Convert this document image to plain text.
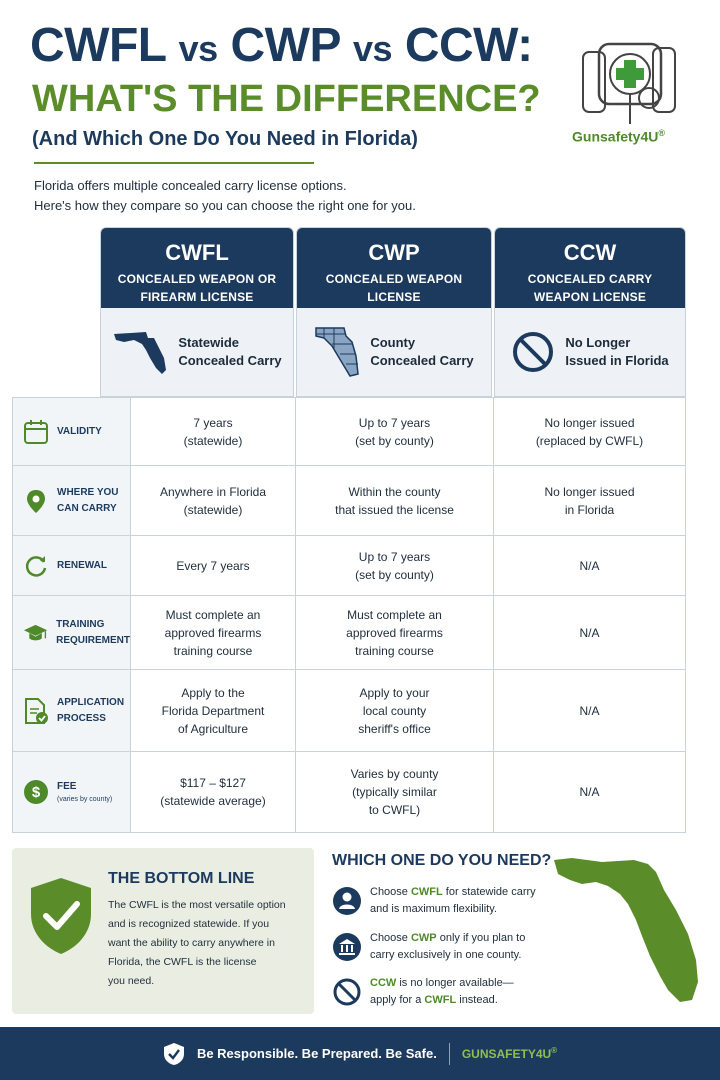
CWFL vs CWP vs CCW:
WHAT'S THE DIFFERENCE?
(And Which One Do You Need in Florida)	Gunsafety4U®
Florida offers multiple concealed carry license options.
Here's how they compare so you can choose the right one for you.
CWFL
CONCEALED WEAPON OR
FIREARM LICENSE
Statewide
Concealed Carry
CWP
CONCEALED WEAPON
LICENSE
County
Concealed Carry
CCW
CONCEALED CARRY
WEAPON LICENSE
No Longer
Issued in Florida
VALIDITY
7 years
(statewide)
Up to 7 years
(set by county)
No longer issued
(replaced by CWFL)
WHERE YOU
CAN CARRY
Anywhere in Florida
(statewide)
Within the county
that issued the license
No longer issued
in Florida
RENEWAL	Every 7 years
Up to 7 years
(set by county)
N/A
TRAINING
REQUIREMENT
Must complete an
approved firearms
training course
Must complete an
approved firearms
training course
N/A
APPLICATION
PROCESS
Apply to the
Florida Department
of Agriculture
Apply to your
local county
sheriff's office
N/A
$ FEE
(varies by county)
$117 – $127
(statewide average)
Varies by county
(typically similar
to CWFL)
N/A
THE BOTTOM LINE
The CWFL is the most versatile option
and is recognized statewide. If you
want the ability to carry anywhere in
Florida, the CWFL is the license
you need.
WHICH ONE DO YOU NEED?
Choose CWFL for statewide carry
and is maximum flexibility.
Choose CWP only if you plan to
carry exclusively in one county.
CCW is no longer available—
apply for a CWFL instead.
Be Responsible. Be Prepared. Be Safe. GUNSAFETY4U®
